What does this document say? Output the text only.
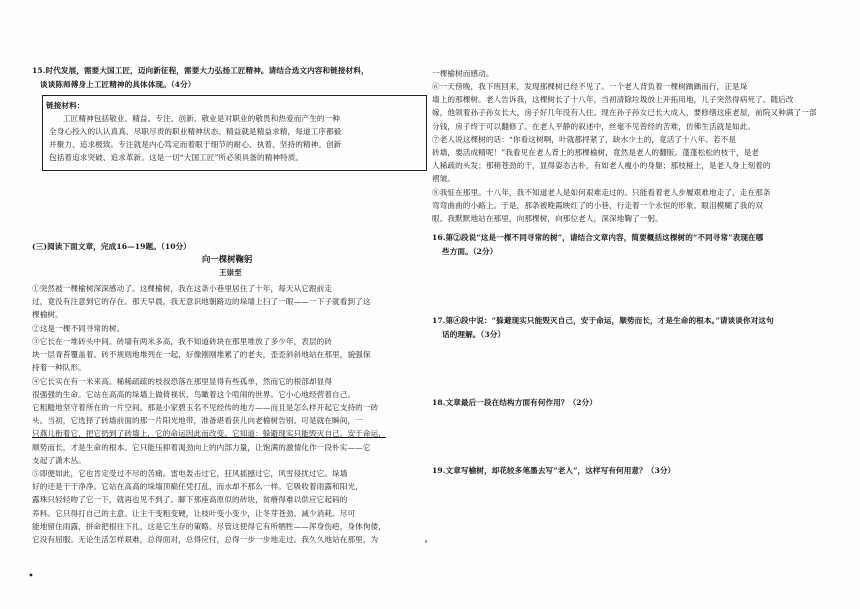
15.时代发展，需要大国工匠，迈向新征程，需要大力弘扬工匠精神。请结合选文内容和链接材料，
谈谈陈师傅身上工匠精神的具体体现。（4分）
链接材料：
工匠精神包括敬业、精益、专注、创新。敬业是对职业的敬畏和热爱而产生的一种
全身心投入的认认真真、尽职尽责的职业精神状态。精益就是精益求精，每道工序都毅
并聚力、追求极致。专注就是内心笃定而着眼于细节的耐心、执着、坚持的精神。创新
包括着追求突破、追求革新。这是一切“大国工匠”所必须具备的精神特质。
(三)阅读下面文章，完成16—19题。（10分）
向一棵树鞠躬
王崇至
①突然被一棵榆树深深感动了。这棵榆树，我在这条小巷里居住了十年，每天从它跟前走
过，竟没有注意到它的存在。那天早晨，我无意识地朝路边的垛墙上扫了一眼——一下子就看到了这
棵榆树。
②这是一棵不同寻常的树。
③它长在一堆砖头中间。砖墙有两米多高，我不知道砖块在那里堆放了多少年，表层的砖
块一层青苔覆盖着。砖不规则地堆列在一起，好像刚刚堆累了的老夫，歪歪斜斜地站在那里，貌强保
持着一种队形。
④它长实在有一米来高。稀稀疏疏的枝叔恐落在那里显得有些孤单，然而它的根部却显得
很强强的生命。它站在高高的垛墙上做倚视状，鸟瞰着这个喧闹的世界。它小心地经营着自己。
它粗糙地坚守着所在的一片空间。那是小家碧玉名不见经传的地方——而且是怎么样开起它支持的一砖
头。当初，它选择了砖墙前面的那一片阳光地带，准备堪看获儿向老榆树告别。可是就在瞬间，一
只燕儿衔着它，把它扔到了砖墙上，它的命运因此而改变。它知道：躲避现实只能毁灭自己，安于命运，
顺势而长，才是生命的根本。它只能压抑着渴劲向上的内部力量，让饱满的激情化作一段朴实——它
支起了潇木丛。
⑤即便如此，它也肯定受过不尽的苦痛。雷电轰击过它，狂风摇撼过它，风雪侵扰过它。垛墙
好的还是干干净净。它站在高高的垛墙顶巅任凭打乱，而水却不那么一样。它吸收着雨露和阳光，
露珠只轻轻吻了它一下，就再也见不到了。脚下那座高原似的砖块，贫瘠得难以供应它起码的
养料。它只得打自己的主意。让主干变粗变硬，让枝叶变小变少，让冬芽苍劲、减少消耗。尽可
能地留住雨露，拼命把根往下扎，这是它生存的策略。尽管这使得它有所牺牲——浑身伤疤，身体佝偻，
它没有屈服。无论生活怎样艰难，总得面对，总得应付，总得一步一步地走过。我久久地站在那里，为
一棵榆树而感动。
⑥一天傍晚，我下班回来，发现那棵树已经不见了。一个老人背负着一棵树踽踽而行，正是垛
墙上的那棵树。老人告诉我，这棵树长了十八年，当初清除垃圾放上开拓用地，儿子突然得病死了。随后改
嫁，他领着孙子孙女长大，房子好几年没有人住。现在孙子孙女已长大成人，要修缮这座老屋，前院又种满了一部
分钱，房子终于可以翻修了。在老人平静的叙述中，丝毫不见曾经的苦难，仿佛生活就是如此。
⑦老人说这棵树的话：“你看这树啊，叶就都捋紧了，缺水少土的，竟活了十八年。若不是
砖墙，要活成精呢！”我看见在老人背上的那棵榆树，竟然是老人的翻版。蓬蓬松松的枝干，是老
人稀疏的头发；那稍苍劲的干，显得姿态古朴，有如老人瘦小的身躯；那枝桠上，是老人身上刻着的
褶皱。
⑧我怔在那里。十八年，我不知道老人是如何艰难走过的。只能看着老人步履艰难地走了，走在那条
弯弯曲曲的小路上。于是，那条被晚霞映红了的小巷，行走着一个永恒的形象。眼泪模糊了我的双
眼。我默默地站在那里，向那棵树，向那位老人，深深地鞠了一躬。
16.第②段说“这是一棵不同寻常的树”，请结合文章内容，简要概括这棵树的“不同寻常”表现在哪
些方面。（2分）
17.第④段中说：“躲避现实只能毁灭自己，安于命运，顺势而长，才是生命的根本。”请谈谈你对这句
话的理解。（3分）
18.文章最后一段在结构方面有何作用？（2分）
19.文章写榆树，却花较多笔墨去写“老人”，这样写有何用意？（3分）
